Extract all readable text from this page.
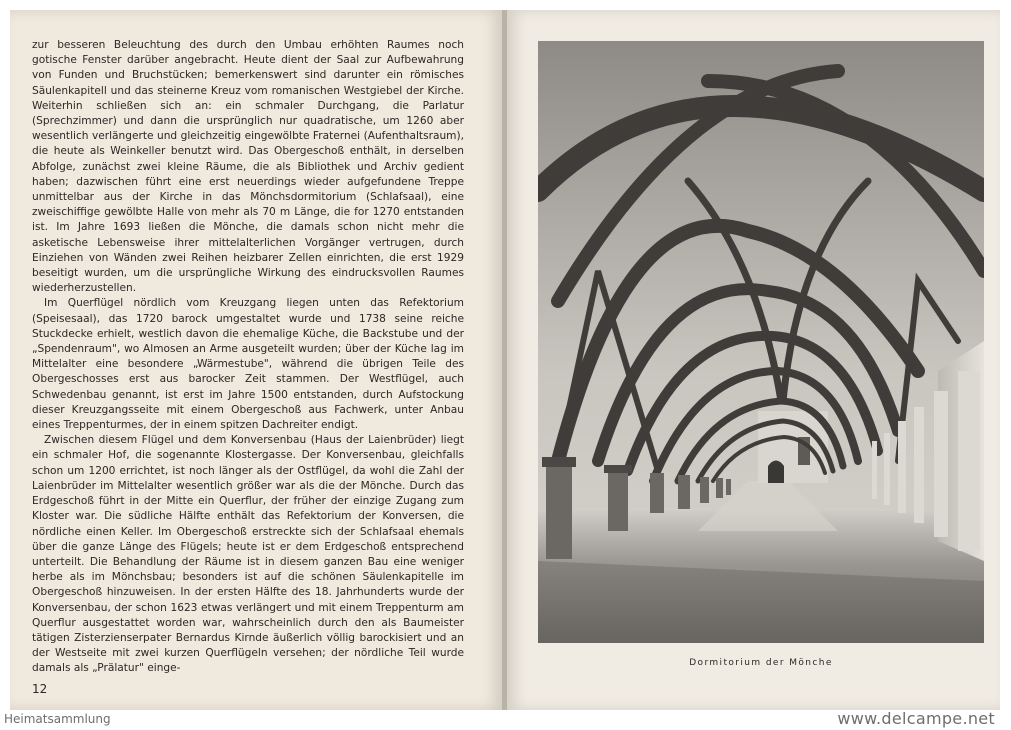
zur besseren Beleuchtung des durch den Umbau erhöhten Raumes noch gotische Fenster darüber angebracht. Heute dient der Saal zur Aufbewahrung von Funden und Bruchstücken; bemerkenswert sind darunter ein römisches Säulenkapitell und das steinerne Kreuz vom romanischen Westgiebel der Kirche. Weiterhin schließen sich an: ein schmaler Durchgang, die Parlatur (Sprechzimmer) und dann die ursprünglich nur quadratische, um 1260 aber wesentlich verlängerte und gleichzeitig eingewölbte Fraternei (Aufenthaltsraum), die heute als Weinkeller benutzt wird. Das Obergeschoß enthält, in derselben Abfolge, zunächst zwei kleine Räume, die als Bibliothek und Archiv gedient haben; dazwischen führt eine erst neuerdings wieder aufgefundene Treppe unmittelbar aus der Kirche in das Mönchsdormitorium (Schlafsaal), eine zweischiffige gewölbte Halle von mehr als 70 m Länge, die for 1270 entstanden ist. Im Jahre 1693 ließen die Mönche, die damals schon nicht mehr die asketische Lebensweise ihrer mittelalterlichen Vorgänger vertrugen, durch Einziehen von Wänden zwei Reihen heizbarer Zellen einrichten, die erst 1929 beseitigt wurden, um die ursprüngliche Wirkung des eindrucksvollen Raumes wiederherzustellen.

Im Querflügel nördlich vom Kreuzgang liegen unten das Refektorium (Speisesaal), das 1720 barock umgestaltet wurde und 1738 seine reiche Stuckdecke erhielt, westlich davon die ehemalige Küche, die Backstube und der „Spendenraum", wo Almosen an Arme ausgeteilt wurden; über der Küche lag im Mittelalter eine besondere „Wärmestube", während die übrigen Teile des Obergeschosses erst aus barocker Zeit stammen. Der Westflügel, auch Schwedenbau genannt, ist erst im Jahre 1500 entstanden, durch Aufstockung dieser Kreuzgangsseite mit einem Obergeschoß aus Fachwerk, unter Anbau eines Treppenturmes, der in einem spitzen Dachreiter endigt.

Zwischen diesem Flügel und dem Konversenbau (Haus der Laienbrüder) liegt ein schmaler Hof, die sogenannte Klostergasse. Der Konversenbau, gleichfalls schon um 1200 errichtet, ist noch länger als der Ostflügel, da wohl die Zahl der Laienbrüder im Mittelalter wesentlich größer war als die der Mönche. Durch das Erdgeschoß führt in der Mitte ein Querflur, der früher der einzige Zugang zum Kloster war. Die südliche Hälfte enthält das Refektorium der Konversen, die nördliche einen Keller. Im Obergeschoß erstreckte sich der Schlafsaal ehemals über die ganze Länge des Flügels; heute ist er dem Erdgeschoß entsprechend unterteilt. Die Behandlung der Räume ist in diesem ganzen Bau eine weniger herbe als im Mönchsbau; besonders ist auf die schönen Säulenkapitelle im Obergeschoß hinzuweisen. In der ersten Hälfte des 18. Jahrhunderts wurde der Konversenbau, der schon 1623 etwas verlängert und mit einem Treppenturm am Querflur ausgestattet worden war, wahrscheinlich durch den als Baumeister tätigen Zisterzienserpater Bernardus Kirnde äußerlich völlig barockisiert und an der Westseite mit zwei kurzen Querflügeln versehen; der nördliche Teil wurde damals als „Prälatur" einge-

12
Dormitorium der Mönche
Heimatsammlung	www.delcampe.net
